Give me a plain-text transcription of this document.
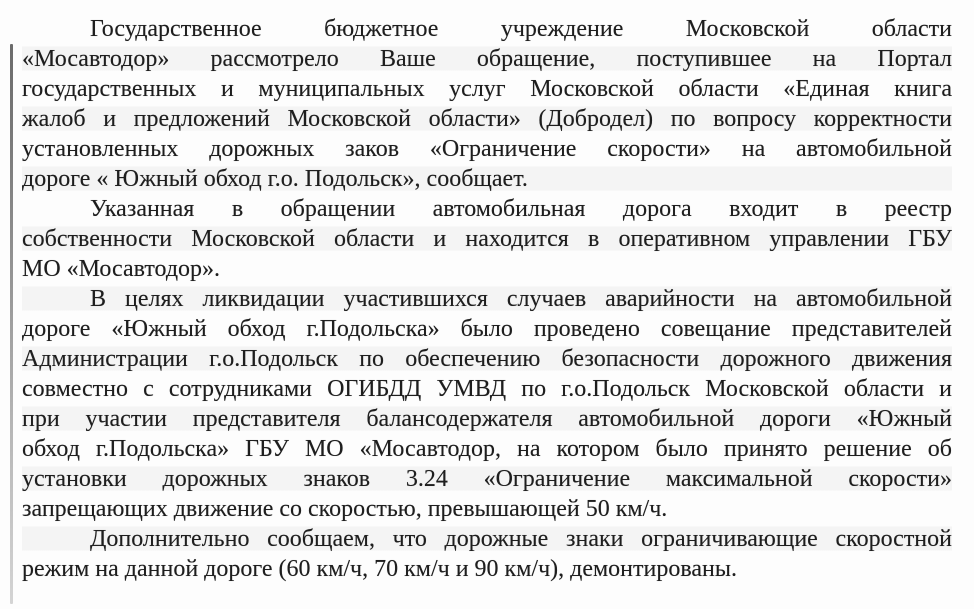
Государственное бюджетное учреждение Московской области
«Мосавтодор» рассмотрело Ваше обращение, поступившее на Портал
государственных и муниципальных услуг Московской области «Единая книга
жалоб и предложений Московской области» (Добродел) по вопросу корректности
установленных дорожных заков «Ограничение скорости» на автомобильной
дороге « Южный обход г.о. Подольск», сообщает.
Указанная в обращении автомобильная дорога входит в реестр
собственности Московской области и находится в оперативном управлении ГБУ
МО «Мосавтодор».
В целях ликвидации участившихся случаев аварийности на автомобильной
дороге «Южный обход г.Подольска» было проведено совещание представителей
Администрации г.о.Подольск по обеспечению безопасности дорожного движения
совместно с сотрудниками ОГИБДД УМВД по г.о.Подольск Московской области и
при участии представителя балансодержателя автомобильной дороги «Южный
обход г.Подольска» ГБУ МО «Мосавтодор, на котором было принято решение об
установки дорожных знаков 3.24 «Ограничение максимальной скорости»
запрещающих движение со скоростью, превышающей 50 км/ч.
Дополнительно сообщаем, что дорожные знаки ограничивающие скоростной
режим на данной дороге (60 км/ч, 70 км/ч и 90 км/ч), демонтированы.
